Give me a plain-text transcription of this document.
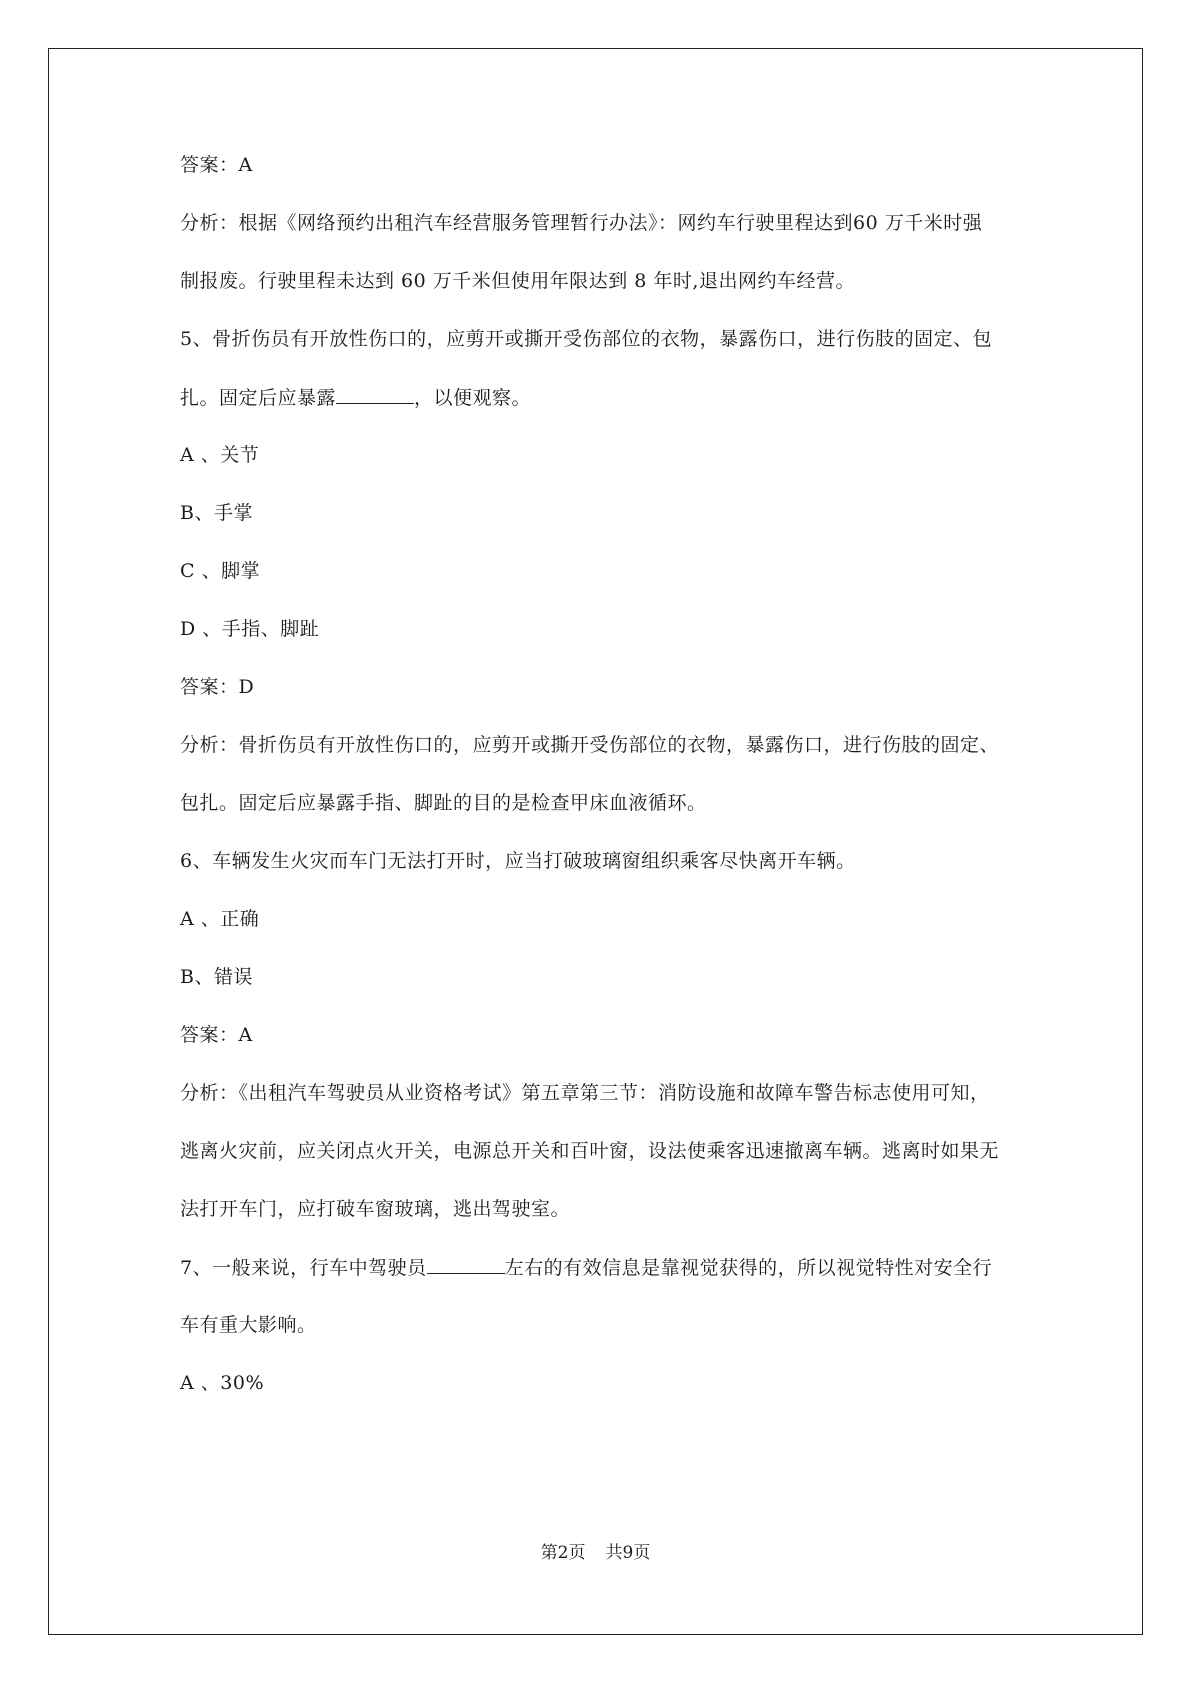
答案：A
分析：根据《网络预约出租汽车经营服务管理暂行办法》：网约车行驶里程达到60 万千米时强
制报废。行驶里程未达到 60 万千米但使用年限达到 8 年时,退出网约车经营。
5、骨折伤员有开放性伤口的，应剪开或撕开受伤部位的衣物，暴露伤口，进行伤肢的固定、包
扎。固定后应暴露	，以便观察。
A 、关节
B、手掌
C 、脚掌
D 、手指、脚趾
答案：D
分析：骨折伤员有开放性伤口的，应剪开或撕开受伤部位的衣物，暴露伤口，进行伤肢的固定、
包扎。固定后应暴露手指、脚趾的目的是检查甲床血液循环。
6、车辆发生火灾而车门无法打开时，应当打破玻璃窗组织乘客尽快离开车辆。
A 、正确
B、错误
答案：A
分析：《出租汽车驾驶员从业资格考试》第五章第三节：消防设施和故障车警告标志使用可知，
逃离火灾前，应关闭点火开关，电源总开关和百叶窗，设法使乘客迅速撤离车辆。逃离时如果无
法打开车门，应打破车窗玻璃，逃出驾驶室。
7、一般来说，行车中驾驶员	左右的有效信息是靠视觉获得的，所以视觉特性对安全行
车有重大影响。
A 、30%
第2页 共9页
